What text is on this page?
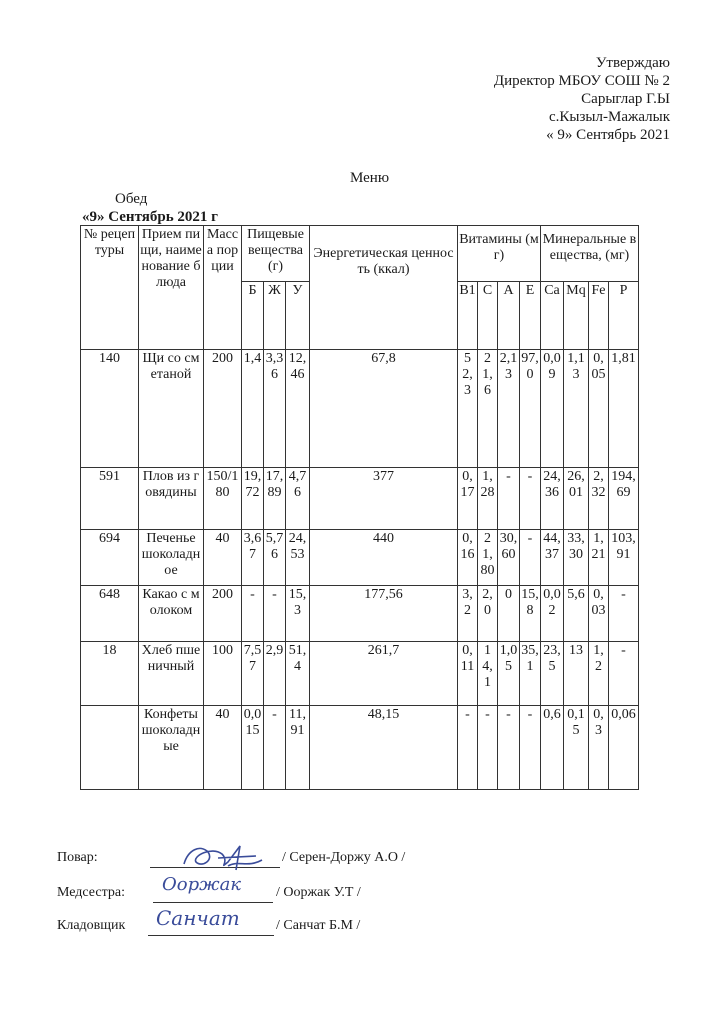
Утверждаю
Директор МБОУ СОШ № 2
Сарыглар Г.Ы
с.Кызыл-Мажалык
« 9» Сентябрь 2021
Меню
Обед
«9» Сентябрь 2021 г
№ рецептуры	Прием пищи, наименование блюда	Масса порции	Пищевые вещества (г)			Энергетическая ценность (ккал)	Витамины (мг)				Минеральные вещества, (мг)			
			Б	Ж	У		В1	С	А	Е	Са	Mq	Fe	Р
140	Щи со сметаной	200	1,4	3,36	12,46	67,8	52,3	21,6	2,13	97,0	0,09	1,13	0,05	1,81
591	Плов из говядины	150/180	19,72	17,89	4,76	377	0,17	1,28	-	-	24,36	26,01	2,32	194,69
694	Печенье шоколадное	40	3,67	5,76	24,53	440	0,16	21,80	30,60	-	44,37	33,30	1,21	103,91
648	Какао с молоком	200	-	-	15,3	177,56	3,2	2,0	0	15,8	0,02	5,6	0,03	-
18	Хлеб пшеничный	100	7,57	2,9	51,4	261,7	0,11	14,1	1,05	35,1	23,5	13	1,2	-
	Конфеты шоколадные	40	0,015	-	11,91	48,15	-	-	-	-	0,6	0,15	0,3	0,06
Повар:	/ Серен-Доржу А.О /
Медсестра: Ооржак / Ооржак У.Т /
Кладовщик Санчат	/ Санчат Б.М /
